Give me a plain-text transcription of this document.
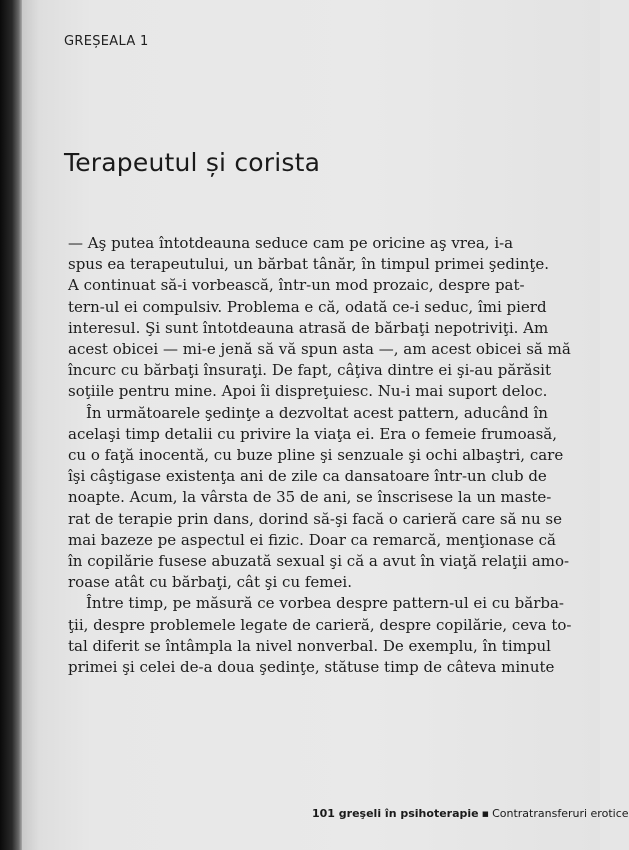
GREȘEALA 1
Terapeutul și corista
— Aş putea întotdeauna seduce cam pe oricine aş vrea, i-a
spus ea terapeutului, un bărbat tânăr, în timpul primei şedinţe.
A continuat să-i vorbească, într-un mod prozaic, despre pat-
tern-ul ei compulsiv. Problema e că, odată ce-i seduc, îmi pierd
interesul. Şi sunt întotdeauna atrasă de bărbaţi nepotriviţi. Am
acest obicei — mi-e jenă să vă spun asta —, am acest obicei să mă
încurc cu bărbaţi însuraţi. De fapt, câţiva dintre ei şi-au părăsit
soţiile pentru mine. Apoi îi dispreţuiesc. Nu-i mai suport deloc.
În următoarele şedinţe a dezvoltat acest pattern, aducând în
acelaşi timp detalii cu privire la viaţa ei. Era o femeie frumoasă,
cu o faţă inocentă, cu buze pline şi senzuale şi ochi albaştri, care
îşi câştigase existenţa ani de zile ca dansatoare într-un club de
noapte. Acum, la vârsta de 35 de ani, se înscrisese la un maste-
rat de terapie prin dans, dorind să-şi facă o carieră care să nu se
mai bazeze pe aspectul ei fizic. Doar ca remarcă, menţionase că
în copilărie fusese abuzată sexual şi că a avut în viaţă relaţii amo-
roase atât cu bărbaţi, cât şi cu femei.
Între timp, pe măsură ce vorbea despre pattern-ul ei cu bărba-
ţii, despre problemele legate de carieră, despre copilărie, ceva to-
tal diferit se întâmpla la nivel nonverbal. De exemplu, în timpul
primei şi celei de-a doua şedinţe, stătuse timp de câteva minute
101 greşeli în psihoterapie ▪ Contratransferuri erotice
